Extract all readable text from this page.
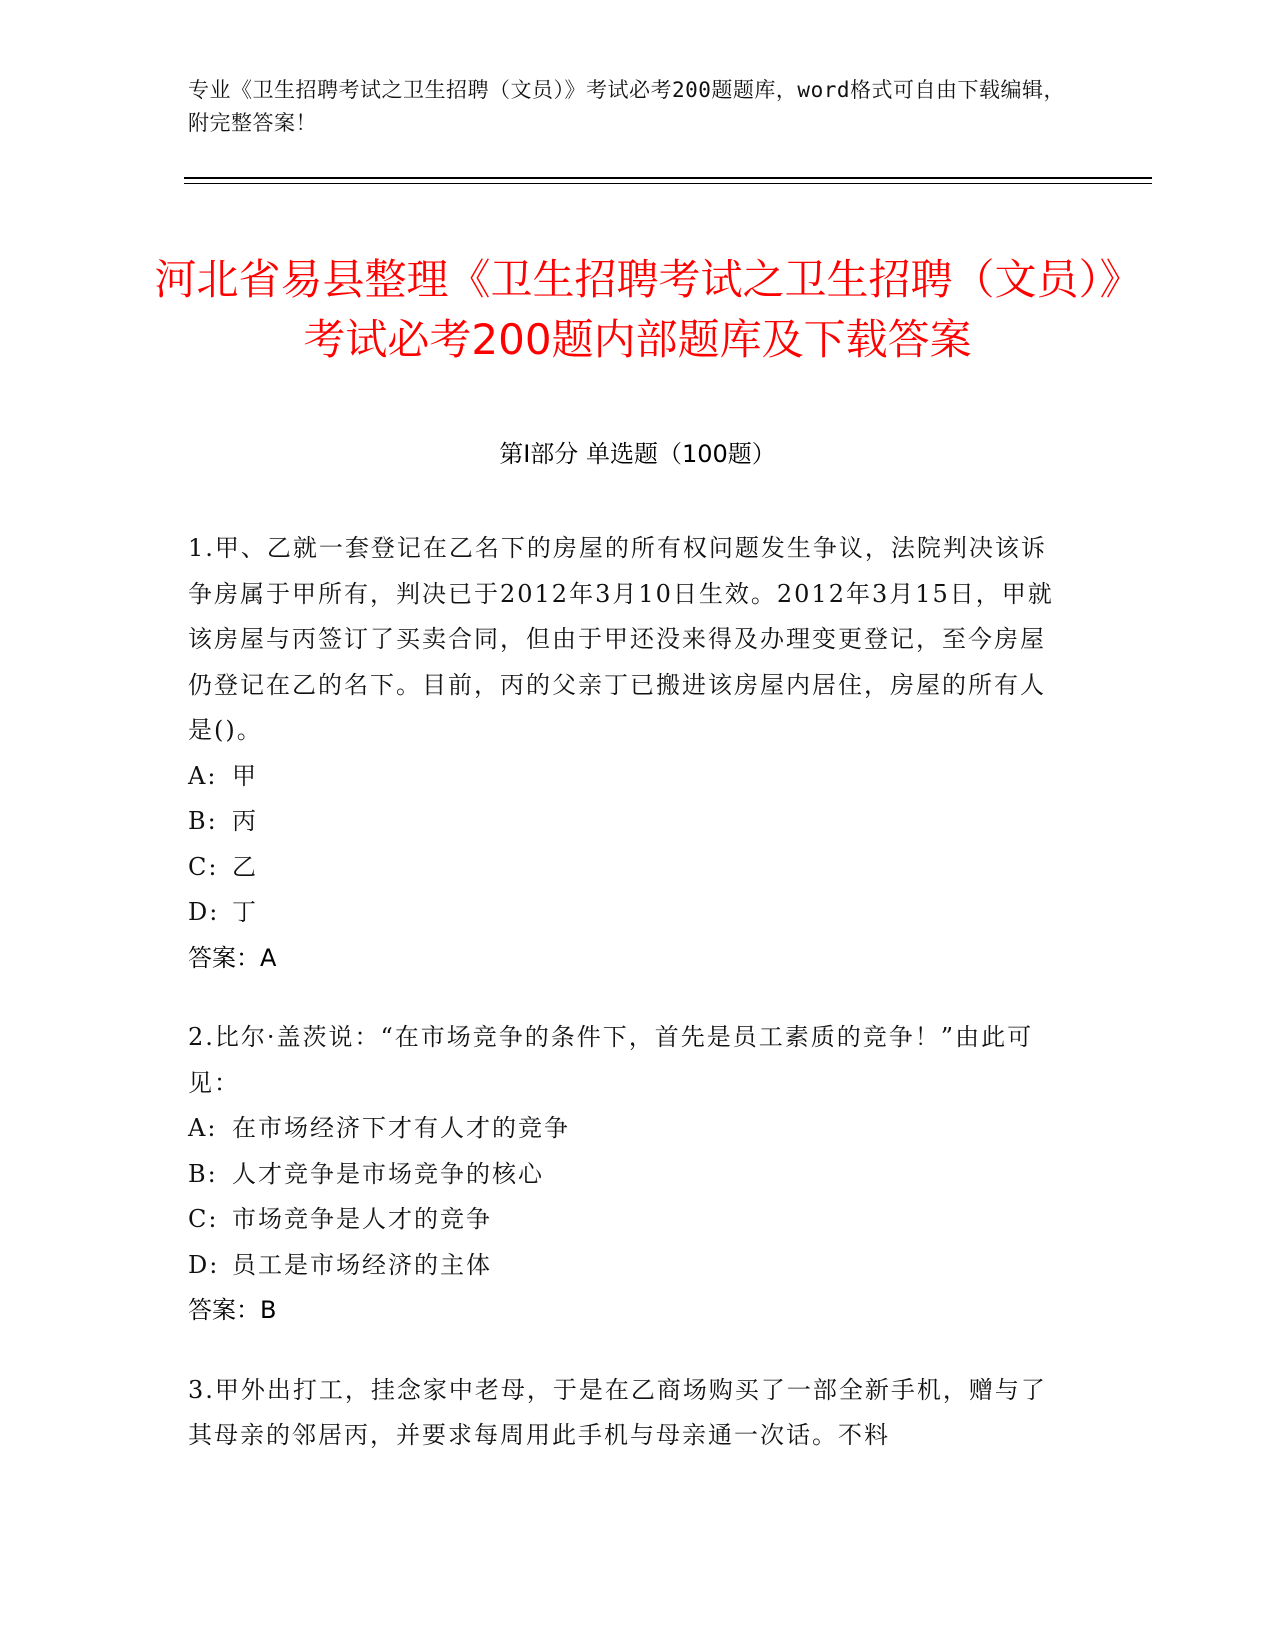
专业《卫生招聘考试之卫生招聘（文员）》考试必考200题题库，word格式可自由下载编辑，附完整答案！
河北省易县整理《卫生招聘考试之卫生招聘（文员）》考试必考200题内部题库及下载答案
第I部分 单选题（100题）
1.甲、乙就一套登记在乙名下的房屋的所有权问题发生争议，法院判决该诉争房属于甲所有，判决已于2012年3月10日生效。2012年3月15日，甲就该房屋与丙签订了买卖合同，但由于甲还没来得及办理变更登记，至今房屋仍登记在乙的名下。目前，丙的父亲丁已搬进该房屋内居住，房屋的所有人是()。
A: 甲
B: 丙
C: 乙
D: 丁
答案：A
2.比尔·盖茨说：“在市场竞争的条件下，首先是员工素质的竞争！”由此可见：
A: 在市场经济下才有人才的竞争
B: 人才竞争是市场竞争的核心
C: 市场竞争是人才的竞争
D: 员工是市场经济的主体
答案：B
3.甲外出打工，挂念家中老母，于是在乙商场购买了一部全新手机，赠与了其母亲的邻居丙，并要求每周用此手机与母亲通一次话。不料
